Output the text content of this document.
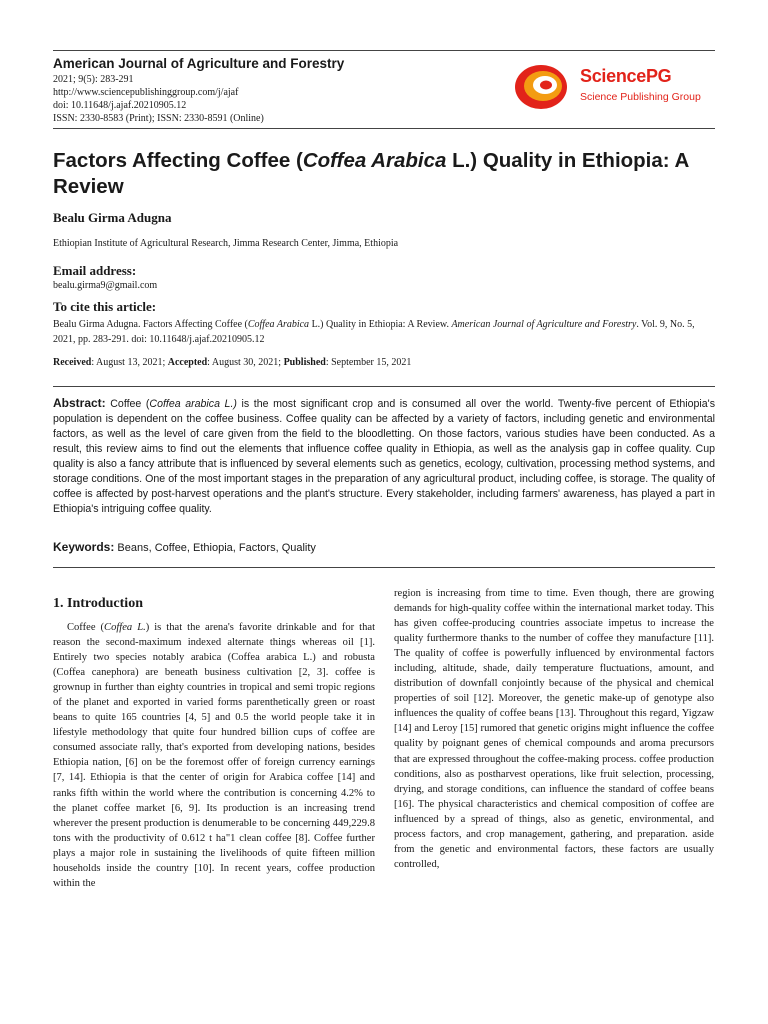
American Journal of Agriculture and Forestry
2021; 9(5): 283-291
http://www.sciencepublishinggroup.com/j/ajaf
doi: 10.11648/j.ajaf.20210905.12
ISSN: 2330-8583 (Print); ISSN: 2330-8591 (Online)
SciencePG
Science Publishing Group
Factors Affecting Coffee (Coffea Arabica L.) Quality in Ethiopia: A Review
Bealu Girma Adugna
Ethiopian Institute of Agricultural Research, Jimma Research Center, Jimma, Ethiopia
Email address:
bealu.girma9@gmail.com
To cite this article:
Bealu Girma Adugna. Factors Affecting Coffee (Coffea Arabica L.) Quality in Ethiopia: A Review. American Journal of Agriculture and Forestry. Vol. 9, No. 5, 2021, pp. 283-291. doi: 10.11648/j.ajaf.20210905.12
Received: August 13, 2021; Accepted: August 30, 2021; Published: September 15, 2021
Abstract: Coffee (Coffea arabica L.) is the most significant crop and is consumed all over the world. Twenty-five percent of Ethiopia's population is dependent on the coffee business. Coffee quality can be affected by a variety of factors, including genetic and environmental factors, as well as the level of care given from the field to the bloodletting. On those factors, various studies have been conducted. As a result, this review aims to find out the elements that influence coffee quality in Ethiopia, as well as the analysis gap in coffee quality. Cup quality is also a fancy attribute that is influenced by several elements such as genetics, ecology, cultivation, processing method systems, and storage conditions. One of the most important stages in the preparation of any agricultural product, including coffee, is storage. The quality of coffee is affected by post-harvest operations and the plant's structure. Every stakeholder, including farmers' awareness, has played a part in Ethiopia's intriguing coffee quality.
Keywords: Beans, Coffee, Ethiopia, Factors, Quality
1. Introduction

Coffee (Coffea L.) is that the arena's favorite drinkable and for that reason the second-maximum indexed alternate things whereas oil [1]. Entirely two species notably arabica (Coffea arabica L.) and robusta (Coffea canephora) are beneath business cultivation [2, 3]. coffee is grownup in further than eighty countries in tropical and semi tropic regions of the planet and exported in varied forms parenthetically green or roast beans to quite 165 countries [4, 5] and 0.5 the world people take it in lifestyle methodology that quite four hundred billion cups of coffee are consumed associate rally, that's exported from developing nations, besides Ethiopia nation, [6] on be the foremost offer of foreign currency earnings [7, 14]. Ethiopia is that the center of origin for Arabica coffee [14] and ranks fifth within the world where the contribution is concerning 4.2% to the planet coffee market [6, 9]. Its production is an increasing trend wherever the present production is denumerable to be concerning 449,229.8 tons with the productivity of 0.612 t ha"1 clean coffee [8]. Coffee further plays a major role in sustaining the livelihoods of quite fifteen million households inside the country [10]. In recent years, coffee production within the

region is increasing from time to time. Even though, there are growing demands for high-quality coffee within the international market today. This has given coffee-producing countries associate impetus to increase the quality furthermore thanks to the number of coffee they manufacture [11]. The quality of coffee is powerfully influenced by environmental factors including, altitude, shade, daily temperature fluctuations, amount, and distribution of downfall conjointly because of the physical and chemical properties of soil [12]. Moreover, the genetic make-up of genotype also influences the quality of coffee beans [13]. Throughout this regard, Yigzaw [14] and Leroy [15] rumored that genetic origins might influence the coffee quality by poignant genes of chemical compounds and aroma precursors that are expressed throughout the coffee-making process. coffee production conditions, also as postharvest operations, like fruit selection, processing, drying, and storage conditions, can influence the standard of coffee beans [16]. The physical characteristics and chemical composition of coffee are influenced by a spread of things, also as genetic, environmental, and process factors, and crop management, gathering, and preparation. aside from the genetic and environmental factors, these factors are usually controlled,
